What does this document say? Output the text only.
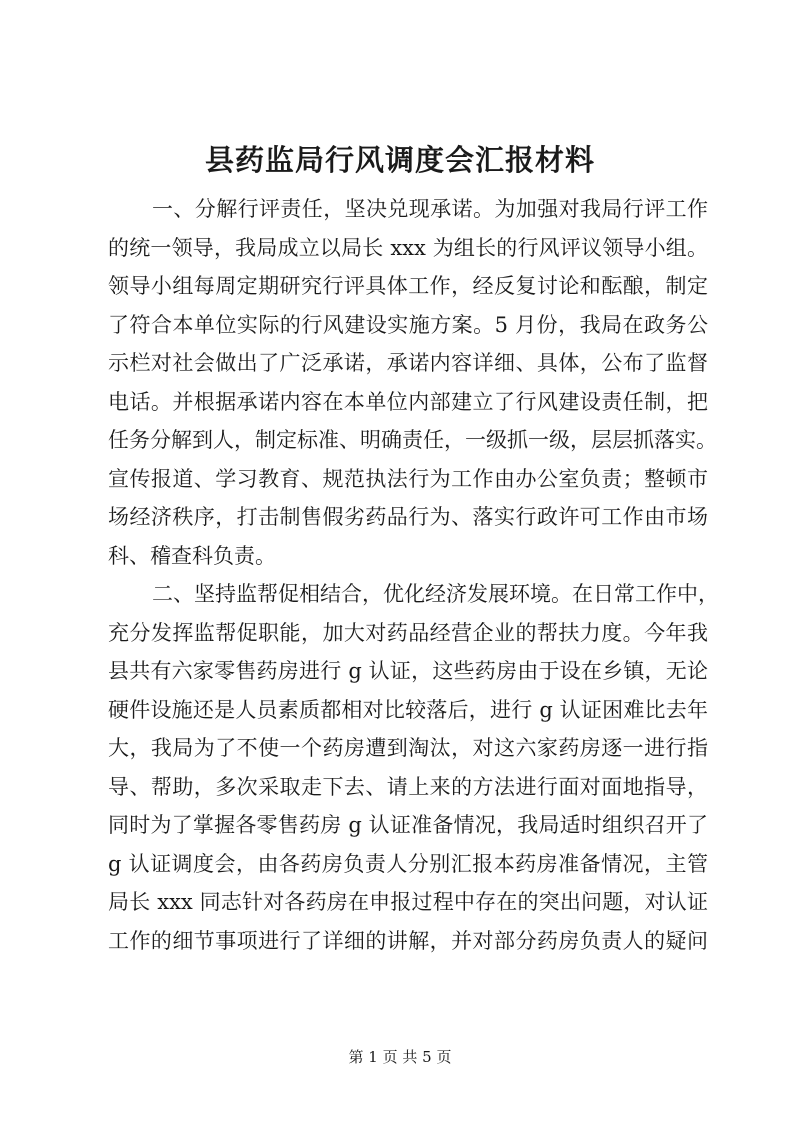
县药监局行风调度会汇报材料
一、分解行评责任，坚决兑现承诺。为加强对我局行评工作
的统一领导，我局成立以局长 xxx 为组长的行风评议领导小组。
领导小组每周定期研究行评具体工作，经反复讨论和酝酿，制定
了符合本单位实际的行风建设实施方案。5 月份，我局在政务公
示栏对社会做出了广泛承诺，承诺内容详细、具体，公布了监督
电话。并根据承诺内容在本单位内部建立了行风建设责任制，把
任务分解到人，制定标准、明确责任，一级抓一级，层层抓落实。
宣传报道、学习教育、规范执法行为工作由办公室负责；整顿市
场经济秩序，打击制售假劣药品行为、落实行政许可工作由市场
科、稽查科负责。
二、坚持监帮促相结合，优化经济发展环境。在日常工作中，
充分发挥监帮促职能，加大对药品经营企业的帮扶力度。今年我
县共有六家零售药房进行 g 认证，这些药房由于设在乡镇，无论
硬件设施还是人员素质都相对比较落后，进行 g 认证困难比去年
大，我局为了不使一个药房遭到淘汰，对这六家药房逐一进行指
导、帮助，多次采取走下去、请上来的方法进行面对面地指导，
同时为了掌握各零售药房 g 认证准备情况，我局适时组织召开了
g 认证调度会，由各药房负责人分别汇报本药房准备情况，主管
局长 xxx 同志针对各药房在申报过程中存在的突出问题，对认证
工作的细节事项进行了详细的讲解，并对部分药房负责人的疑问
第 1 页 共 5 页
